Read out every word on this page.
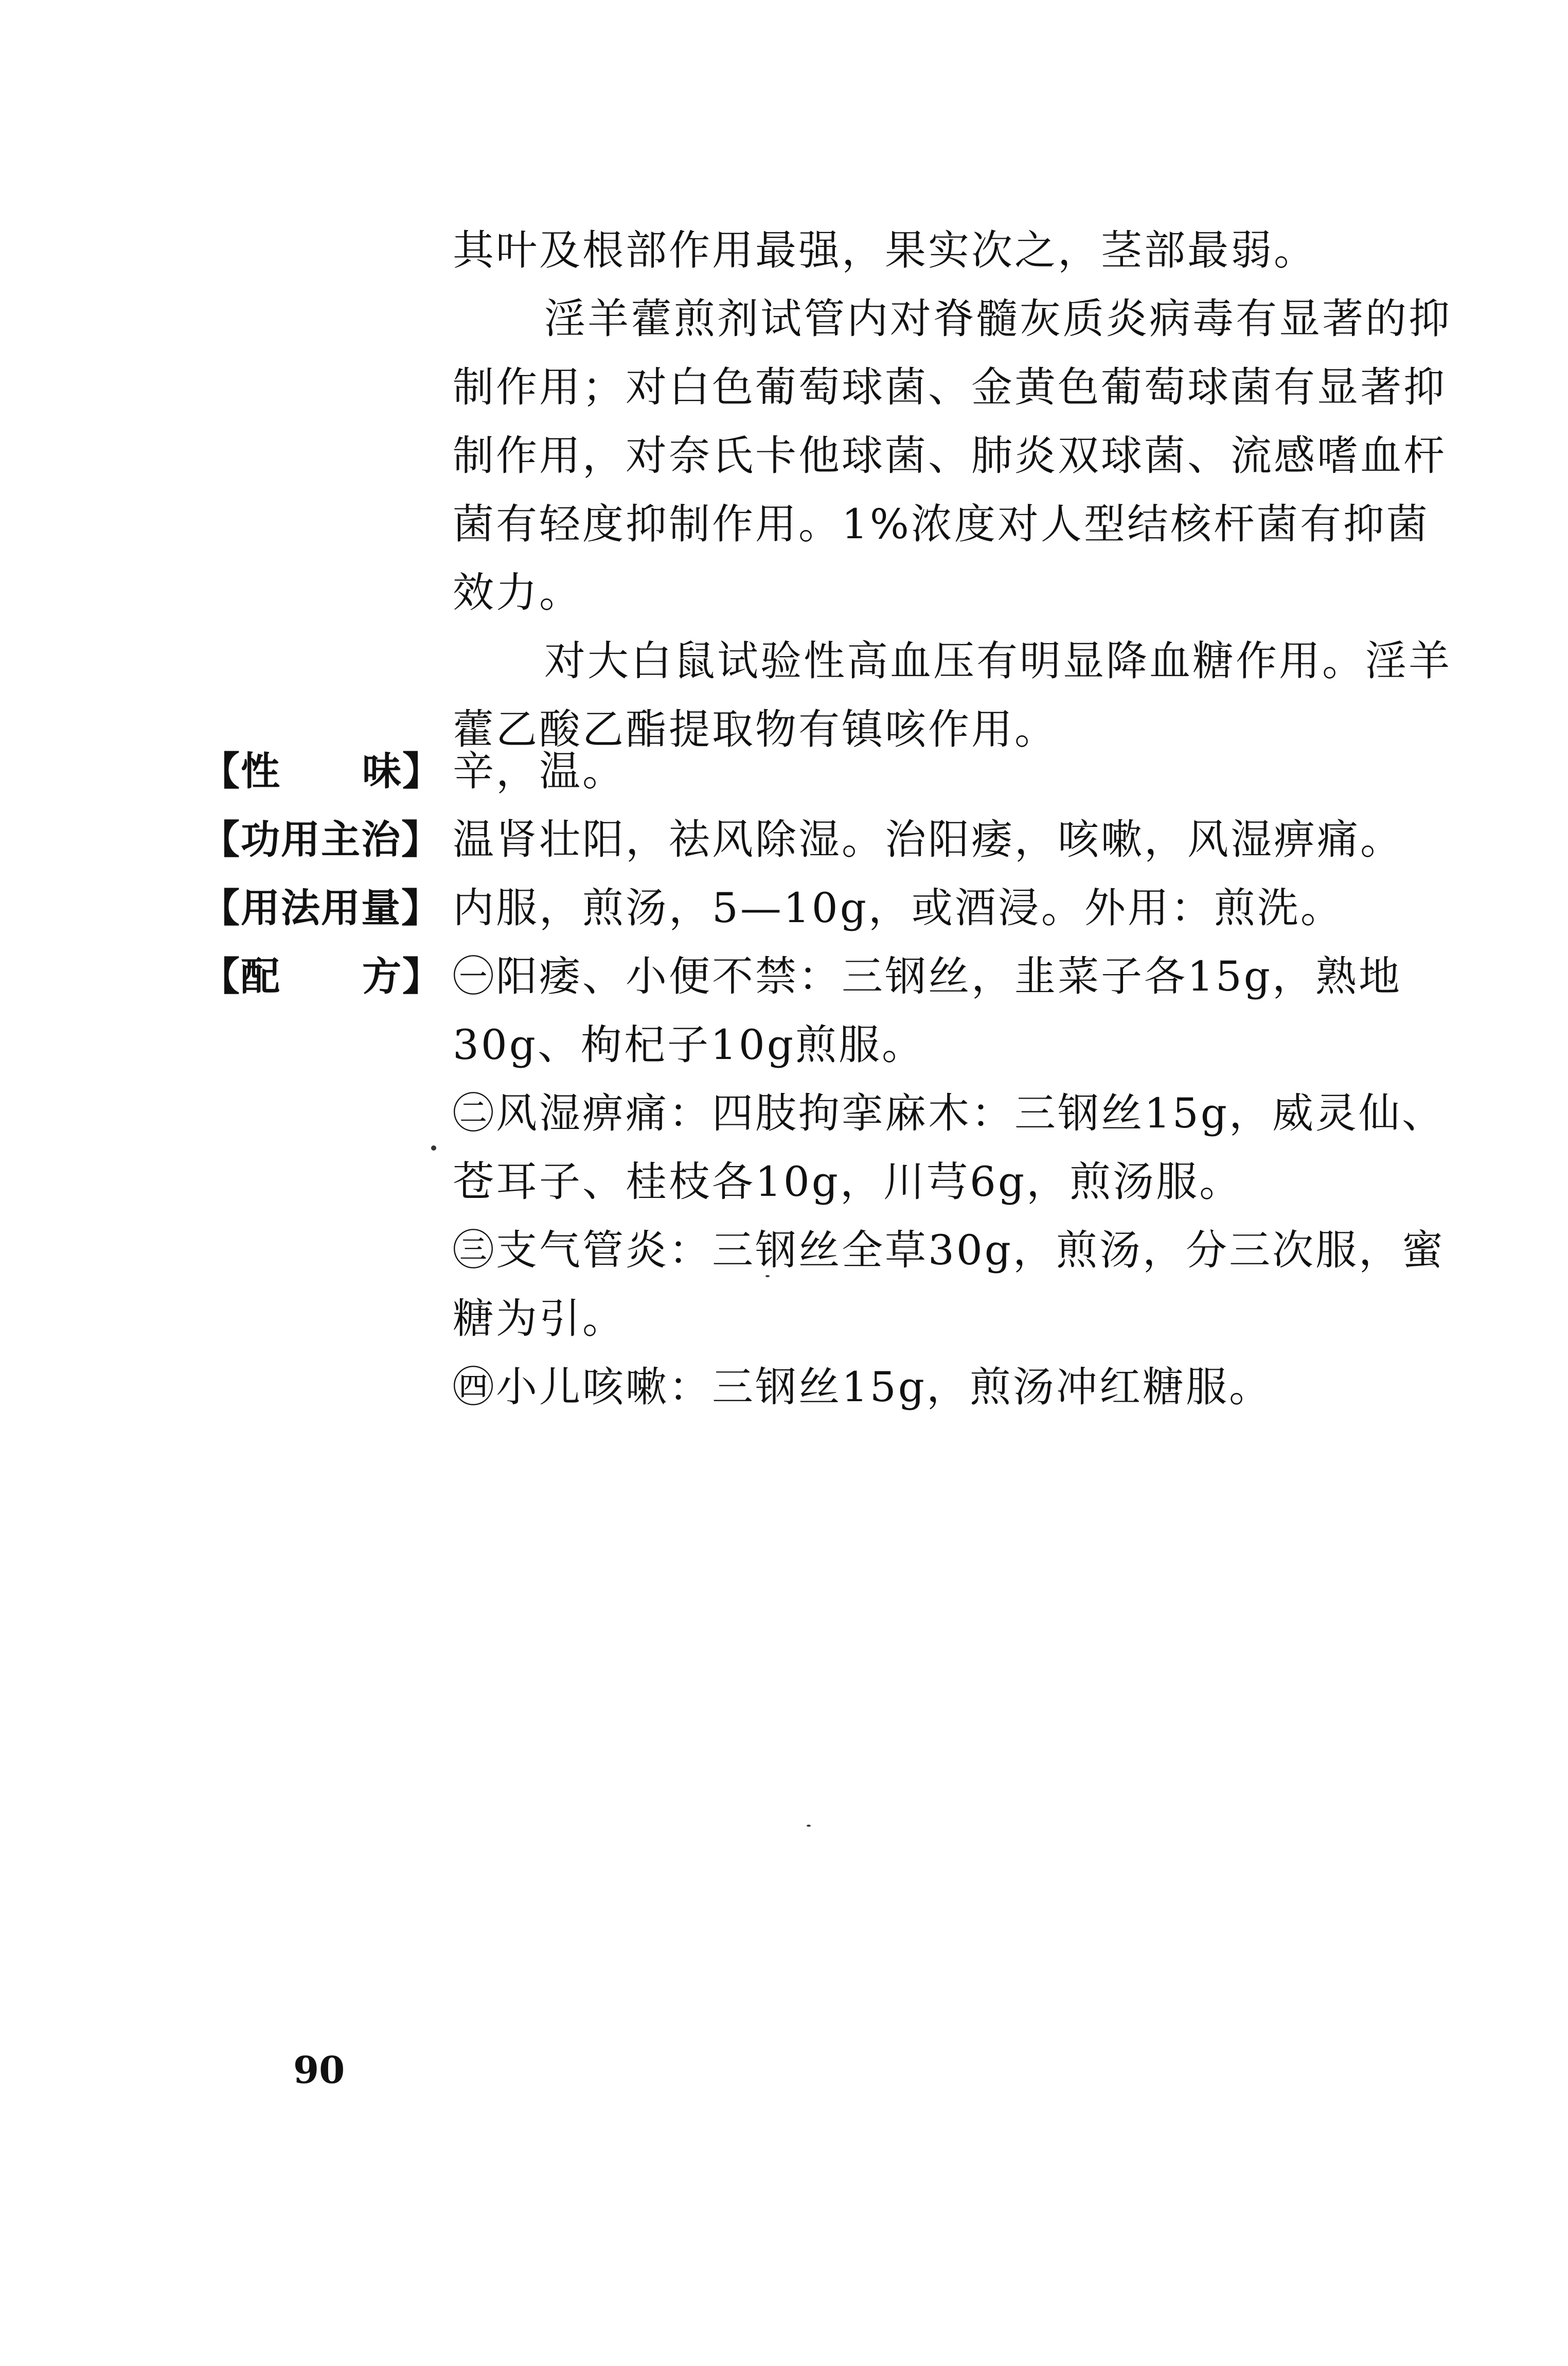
其叶及根部作用最强，果实次之，茎部最弱。

淫羊藿煎剂试管内对脊髓灰质炎病毒有显著的抑制作用；对白色葡萄球菌、金黄色葡萄球菌有显著抑制作用，对奈氏卡他球菌、肺炎双球菌、流感嗜血杆菌有轻度抑制作用。1%浓度对人型结核杆菌有抑菌效力。

对大白鼠试验性高血压有明显降血糖作用。淫羊藿乙酸乙酯提取物有镇咳作用。

【性 味】 辛，温。
【功用主治】 温肾壮阳，祛风除湿。治阳痿，咳嗽，风湿痹痛。
【用法用量】 内服，煎汤，5—10g，或酒浸。外用：煎洗。
【配 方】 ㊀阳痿、小便不禁：三钢丝，韭菜子各15g，熟地30g、枸杞子10g煎服。

㊁风湿痹痛：四肢拘挛麻木：三钢丝15g，威灵仙、苍耳子、桂枝各10g，川芎6g，煎汤服。

㊂支气管炎：三钢丝全草30g，煎汤，分三次服，蜜糖为引。

㊃小儿咳嗽：三钢丝15g，煎汤冲红糖服。

90
